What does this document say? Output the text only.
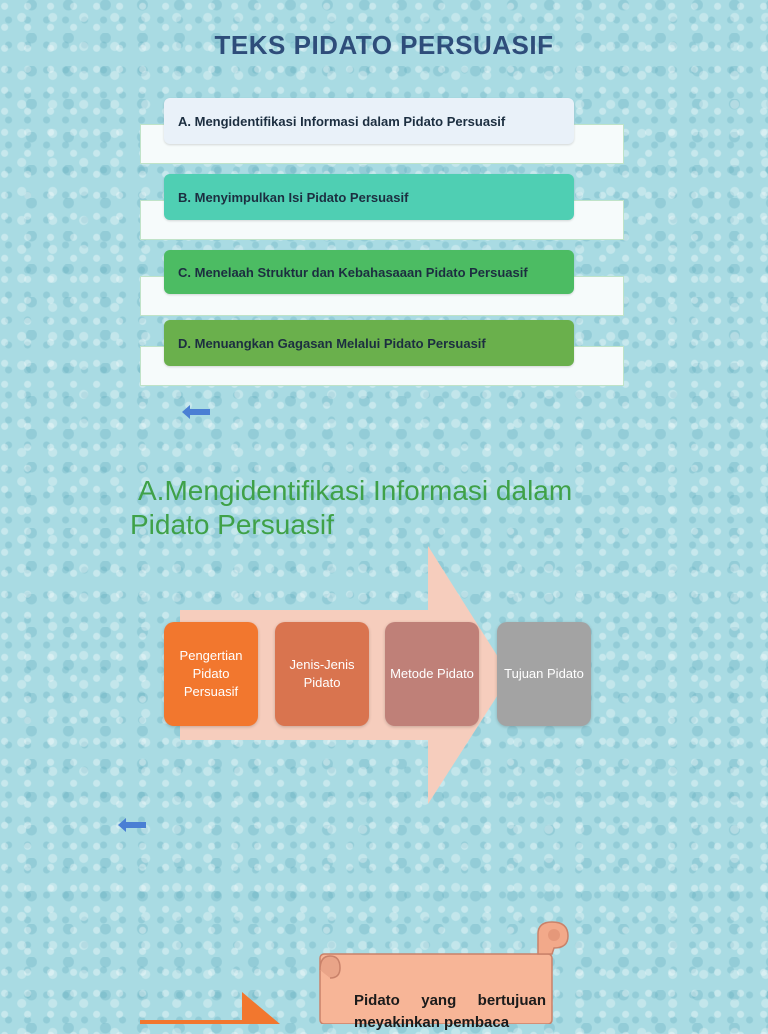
TEKS PIDATO PERSUASIF
A. Mengidentifikasi Informasi dalam Pidato Persuasif
B. Menyimpulkan Isi Pidato Persuasif
C. Menelaah Struktur dan Kebahasaaan Pidato Persuasif
D. Menuangkan Gagasan Melalui Pidato Persuasif
A.Mengidentifikasi Informasi dalam
Pidato Persuasif
Pengertian Pidato Persuasif
Jenis-Jenis Pidato
Metode Pidato	Tujuan Pidato
Pidato yang bertujuan meyakinkan pembaca
